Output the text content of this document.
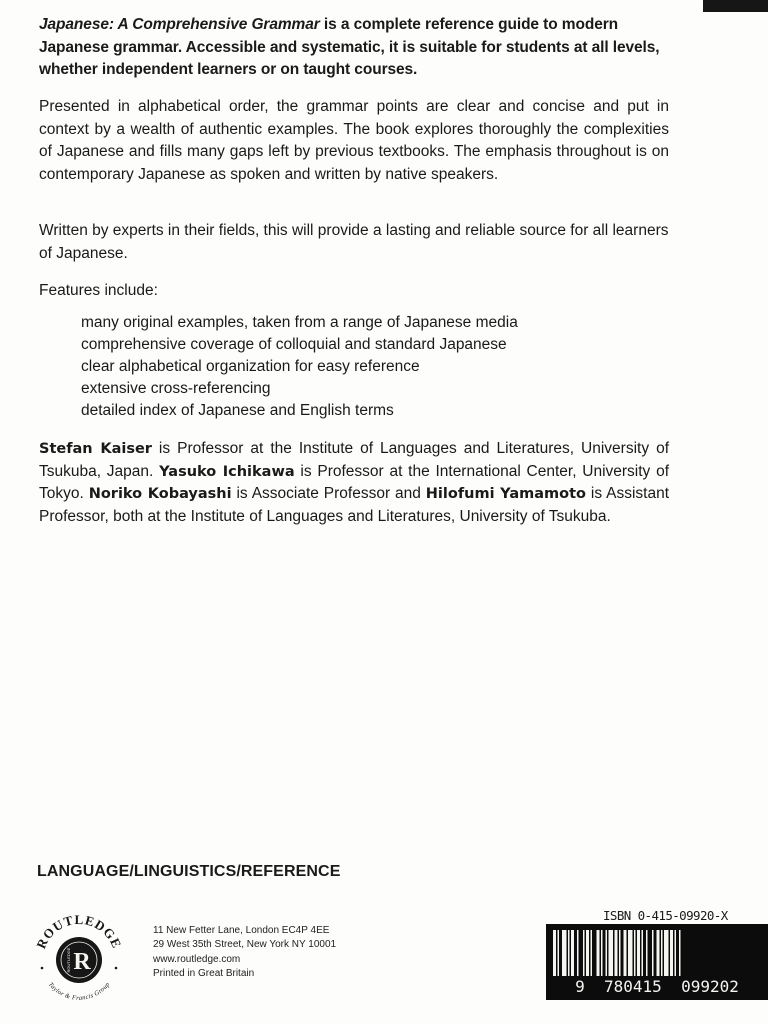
Japanese: A Comprehensive Grammar is a complete reference guide to modern Japanese grammar. Accessible and systematic, it is suitable for students at all levels, whether independent learners or on taught courses.

Presented in alphabetical order, the grammar points are clear and concise and put in context by a wealth of authentic examples. The book explores thoroughly the complexities of Japanese and fills many gaps left by previous textbooks. The emphasis throughout is on contemporary Japanese as spoken and written by native speakers.

Written by experts in their fields, this will provide a lasting and reliable source for all learners of Japanese.

Features include:

many original examples, taken from a range of Japanese media
comprehensive coverage of colloquial and standard Japanese
clear alphabetical organization for easy reference
extensive cross-referencing
detailed index of Japanese and English terms

Stefan Kaiser is Professor at the Institute of Languages and Literatures, University of Tsukuba, Japan. Yasuko Ichikawa is Professor at the International Center, University of Tokyo. Noriko Kobayashi is Associate Professor and Hilofumi Yamamoto is Assistant Professor, both at the Institute of Languages and Literatures, University of Tsukuba.

LANGUAGE/LINGUISTICS/REFERENCE
R
ROUTLEDGE
ROUTLEDGE
Taylor & Francis Group
11 New Fetter Lane, London EC4P 4EE
29 West 35th Street, New York NY 10001
www.routledge.com
Printed in Great Britain
ISBN 0-415-09920-X
9  780415  099202
